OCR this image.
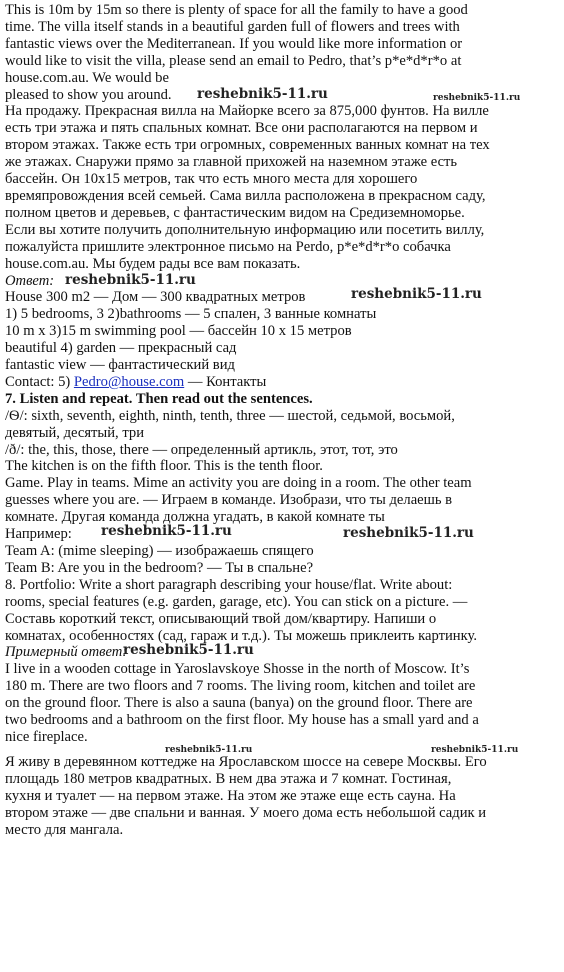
This is 10m by 15m so there is plenty of space for all the family to have a good
time. The villa itself stands in a beautiful garden full of flowers and trees with
fantastic views over the Mediterranean. If you would like more information or
would like to visit the villa, please send an email to Pedro, that’s p*e*d*r*o at
house.com.au. We would be
pleased to show you around. reshebnik5-11.ru	reshebnik5-11.ru
На продажу. Прекрасная вилла на Майорке всего за 875,000 фунтов. На вилле
есть три этажа и пять спальных комнат. Все они располагаются на первом и
втором этажах. Также есть три огромных, современных ванных комнат на тех
же этажах. Снаружи прямо за главной прихожей на наземном этаже есть
бассейн. Он 10x15 метров, так что есть много места для хорошего
времяпровождения всей семьей. Сама вилла расположена в прекрасном саду,
полном цветов и деревьев, с фантастическим видом на Средиземноморье.
Если вы хотите получить дополнительную информацию или посетить виллу,
пожалуйста пришлите электронное письмо на Perdo, p*e*d*r*o собачка
house.com.au. Мы будем рады все вам показать.
Ответ: reshebnik5-11.ru
House 300 m2 — Дом — 300 квадратных метров	reshebnik5-11.ru
1) 5 bedrooms, 3 2)bathrooms — 5 спален, 3 ванные комнаты
10 m x 3)15 m swimming pool — бассейн 10 x 15 метров
beautiful 4) garden — прекрасный сад
fantastic view — фантастический вид
Contact: 5) Pedro@house.com — Контакты
7. Listen and repeat. Then read out the sentences.
/Ѳ/: sixth, seventh, eighth, ninth, tenth, three — шестой, седьмой, восьмой,
девятый, десятый, три
/ð/: the, this, those, there — определенный артикль, этот, тот, это
The kitchen is on the fifth floor. This is the tenth floor.
Game. Play in teams. Mime an activity you are doing in a room. The other team
guesses where you are. — Играем в команде. Изобрази, что ты делаешь в
комнате. Другая команда должна угадать, в какой комнате ты
Например: reshebnik5-11.ru	reshebnik5-11.ru
Team A: (mime sleeping) — изображаешь спящего
Team B: Are you in the bedroom? — Ты в спальне?
8. Portfolio: Write a short paragraph describing your house/flat. Write about:
rooms, special features (e.g. garden, garage, etc). You can stick on a picture. —
Составь короткий текст, описывающий твой дом/квартиру. Напиши о
комнатах, особенностях (сад, гараж и т.д.). Ты можешь приклеить картинку.
Примерный ответ:
reshebnik5-11.ru
I live in a wooden cottage in Yaroslavskoye Shosse in the north of Moscow. It’s
180 m. There are two floors and 7 rooms. The living room, kitchen and toilet are
on the ground floor. There is also a sauna (banya) on the ground floor. There are
two bedrooms and a bathroom on the first floor. My house has a small yard and a
nice fireplace.
reshebnik5-11.ru	reshebnik5-11.ru
Я живу в деревянном коттедже на Ярославском шоссе на севере Москвы. Его
площадь 180 метров квадратных. В нем два этажа и 7 комнат. Гостиная,
кухня и туалет — на первом этаже. На этом же этаже еще есть сауна. На
втором этаже — две спальни и ванная. У моего дома есть небольшой садик и
место для мангала.
